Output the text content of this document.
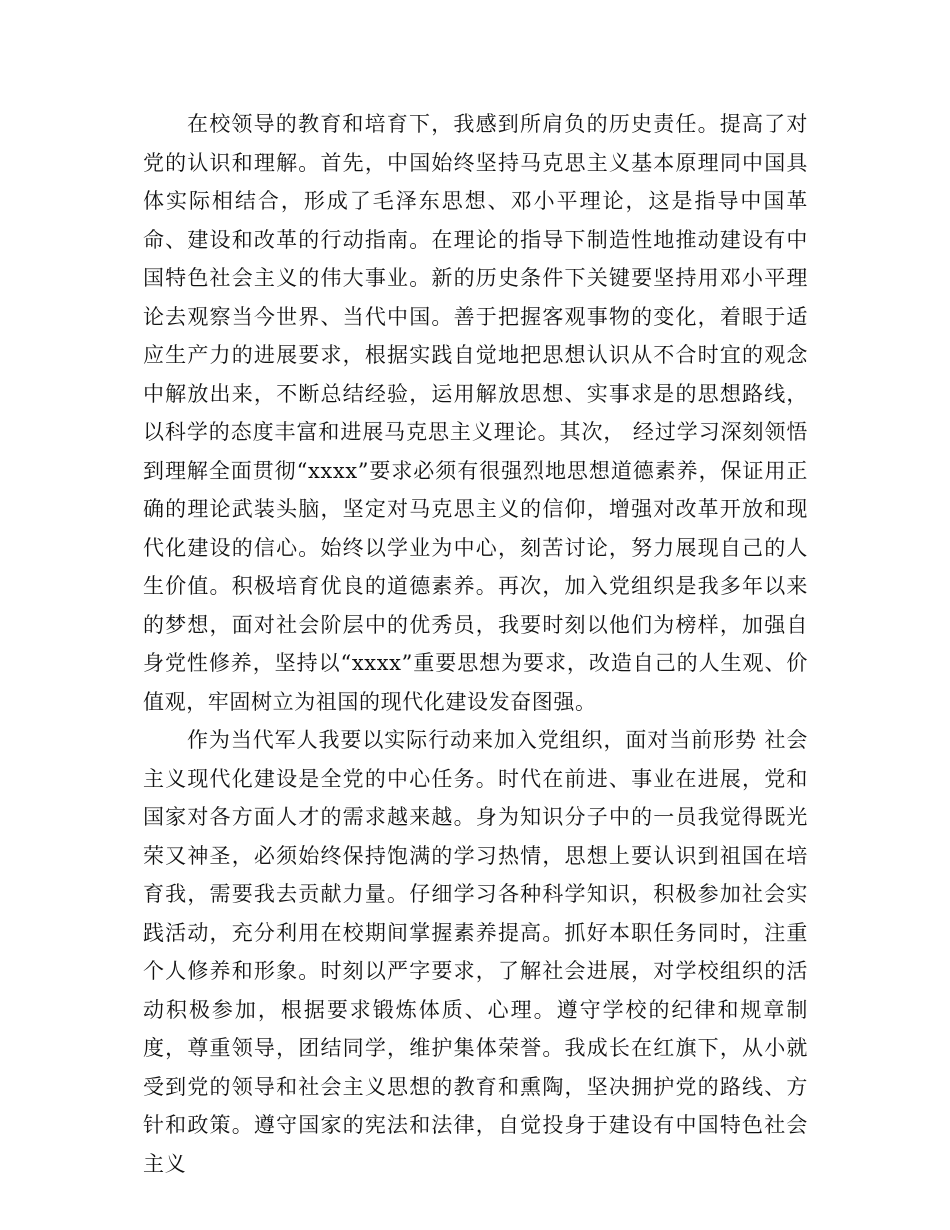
在校领导的教育和培育下，我感到所肩负的历史责任。提高了对党的认识和理解。首先，中国始终坚持马克思主义基本原理同中国具体实际相结合，形成了毛泽东思想、邓小平理论，这是指导中国革命、建设和改革的行动指南。在理论的指导下制造性地推动建设有中国特色社会主义的伟大事业。新的历史条件下关键要坚持用邓小平理论去观察当今世界、当代中国。善于把握客观事物的变化，着眼于适应生产力的进展要求，根据实践自觉地把思想认识从不合时宜的观念中解放出来，不断总结经验，运用解放思想、实事求是的思想路线，以科学的态度丰富和进展马克思主义理论。其次， 经过学习深刻领悟到理解全面贯彻“xxxx”要求必须有很强烈地思想道德素养，保证用正确的理论武装头脑，坚定对马克思主义的信仰，增强对改革开放和现代化建设的信心。始终以学业为中心，刻苦讨论，努力展现自己的人生价值。积极培育优良的道德素养。再次，加入党组织是我多年以来的梦想，面对社会阶层中的优秀员，我要时刻以他们为榜样，加强自身党性修养，坚持以“xxxx”重要思想为要求，改造自己的人生观、价值观，牢固树立为祖国的现代化建设发奋图强。

作为当代军人我要以实际行动来加入党组织，面对当前形势 社会主义现代化建设是全党的中心任务。时代在前进、事业在进展，党和国家对各方面人才的需求越来越。身为知识分子中的一员我觉得既光荣又神圣，必须始终保持饱满的学习热情，思想上要认识到祖国在培育我，需要我去贡献力量。仔细学习各种科学知识，积极参加社会实践活动，充分利用在校期间掌握素养提高。抓好本职任务同时，注重个人修养和形象。时刻以严字要求，了解社会进展，对学校组织的活动积极参加，根据要求锻炼体质、心理。遵守学校的纪律和规章制度，尊重领导，团结同学，维护集体荣誉。我成长在红旗下，从小就受到党的领导和社会主义思想的教育和熏陶，坚决拥护党的路线、方针和政策。遵守国家的宪法和法律，自觉投身于建设有中国特色社会主义
